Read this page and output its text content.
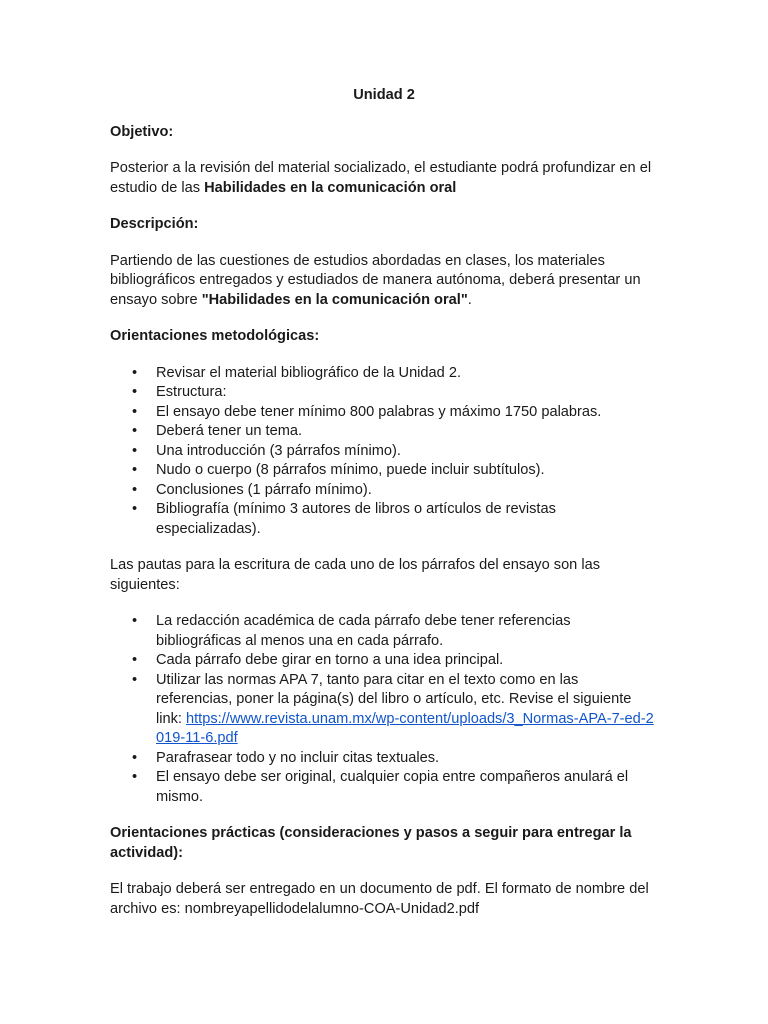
Unidad 2
Objetivo:

Posterior a la revisión del material socializado, el estudiante podrá profundizar en el estudio de las Habilidades en la comunicación oral

Descripción:

Partiendo de las cuestiones de estudios abordadas en clases, los materiales bibliográficos entregados y estudiados de manera autónoma, deberá presentar un ensayo sobre "Habilidades en la comunicación oral".

Orientaciones metodológicas:
• Revisar el material bibliográfico de la Unidad 2.
• Estructura:
• El ensayo debe tener mínimo 800 palabras y máximo 1750 palabras.
• Deberá tener un tema.
• Una introducción (3 párrafos mínimo).
• Nudo o cuerpo (8 párrafos mínimo, puede incluir subtítulos).
• Conclusiones (1 párrafo mínimo).
• Bibliografía (mínimo 3 autores de libros o artículos de revistas especializadas).

Las pautas para la escritura de cada uno de los párrafos del ensayo son las siguientes:

• La redacción académica de cada párrafo debe tener referencias bibliográficas al menos una en cada párrafo.
• Cada párrafo debe girar en torno a una idea principal.
• Utilizar las normas APA 7, tanto para citar en el texto como en las referencias, poner la página(s) del libro o artículo, etc. Revise el siguiente link: https://www.revista.unam.mx/wp-content/uploads/3_Normas-APA-7-ed-2019-11-6.pdf
• Parafrasear todo y no incluir citas textuales.
• El ensayo debe ser original, cualquier copia entre compañeros anulará el mismo.
Orientaciones prácticas (consideraciones y pasos a seguir para entregar la actividad):

El trabajo deberá ser entregado en un documento de pdf. El formato de nombre del archivo es: nombreyapellidodelalumno-COA-Unidad2.pdf
